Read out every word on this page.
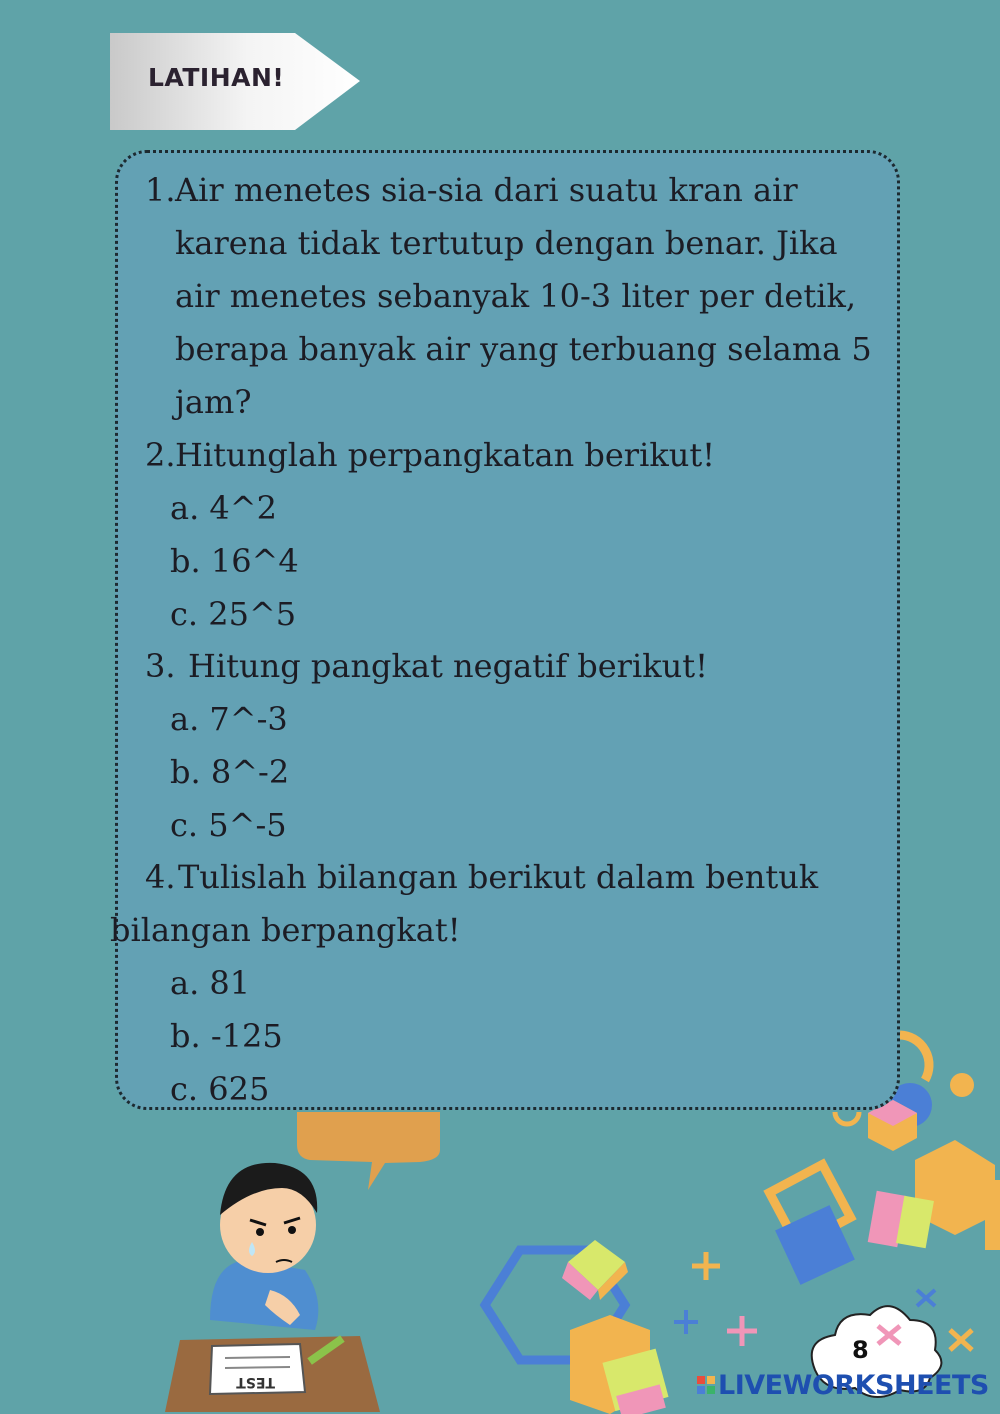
LATIHAN!
TEST
1. Air menetes sia-sia dari suatu kran air
karena tidak tertutup dengan benar. Jika
air menetes sebanyak 10-3 liter per detik,
berapa banyak air yang terbuang selama 5
jam?
2. Hitunglah perpangkatan berikut!
a. 4^2
b. 16^4
c. 25^5
3. Hitung pangkat negatif berikut!
a. 7^-3
b. 8^-2
c. 5^-5
4. Tulislah bilangan berikut dalam bentuk
bilangan berpangkat!
a. 81
b. -125
c. 625
8
LIVEWORKSHEETS
